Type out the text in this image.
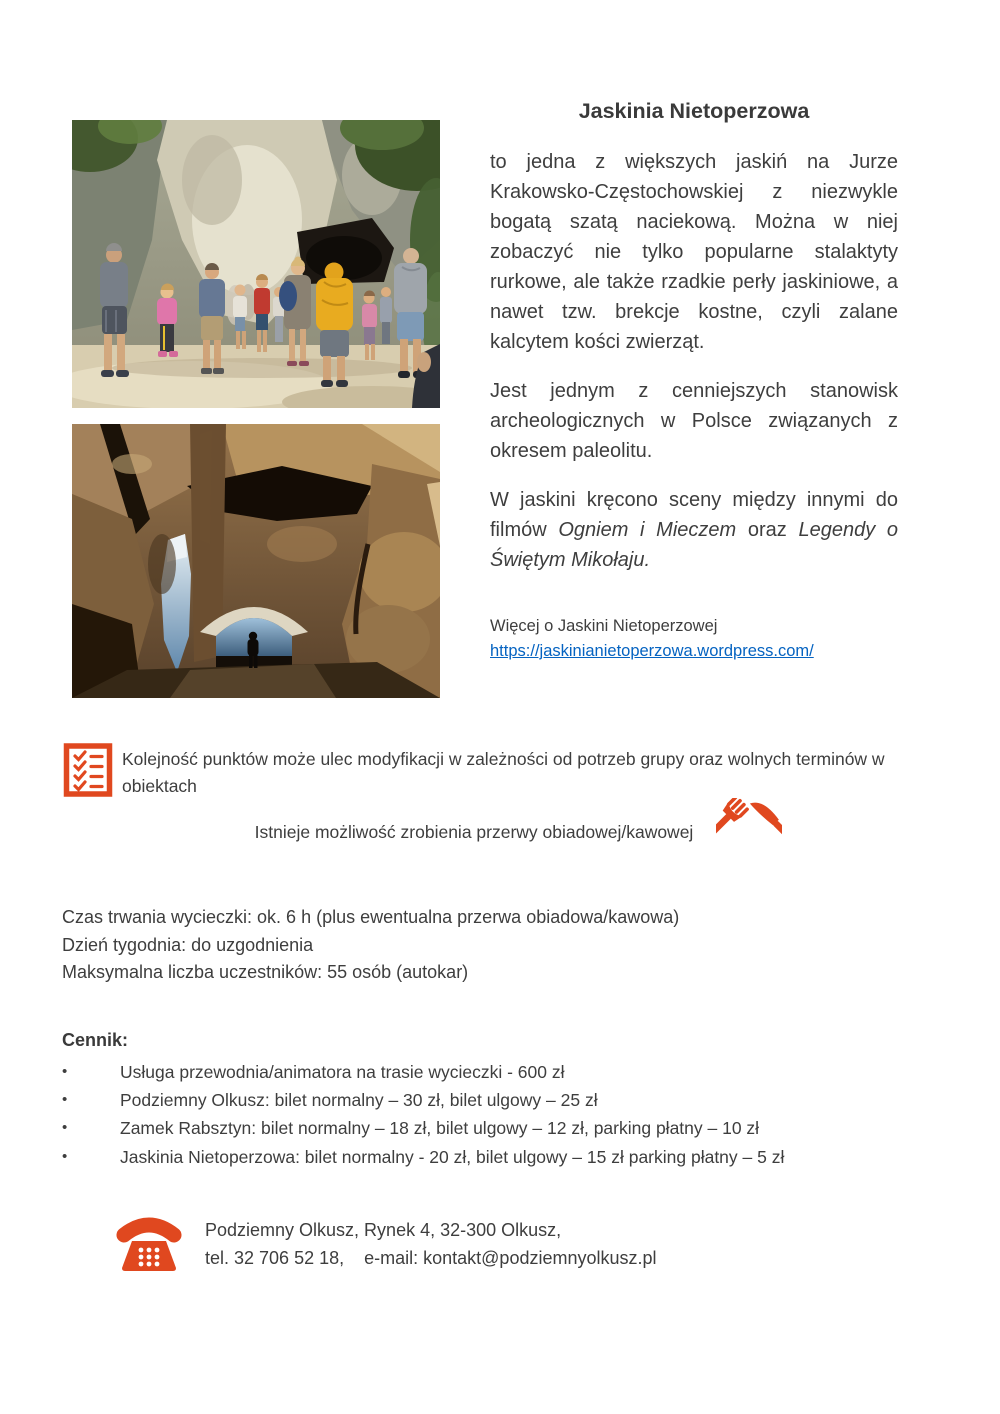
Jaskinia Nietoperzowa

to jedna z większych jaskiń na Jurze Krakowsko-Częstochowskiej z niezwykle bogatą szatą naciekową. Można w niej zobaczyć nie tylko popularne stalaktyty rurkowe, ale także rzadkie perły jaskiniowe, a nawet tzw. brekcje kostne, czyli zalane kalcytem kości zwierząt.

Jest jednym z cenniejszych stanowisk archeologicznych w Polsce związanych z okresem paleolitu.

W jaskini kręcono sceny między innymi do filmów Ogniem i Mieczem oraz Legendy o Świętym Mikołaju.

Więcej o Jaskini Nietoperzowej
https://jaskinianietoperzowa.wordpress.com/
Kolejność punktów może ulec modyfikacji w zależności od potrzeb grupy oraz wolnych terminów w obiektach
Istnieje możliwość zrobienia przerwy obiadowej/kawowej
Czas trwania wycieczki: ok. 6 h (plus ewentualna przerwa obiadowa/kawowa)
Dzień tygodnia: do uzgodnienia
Maksymalna liczba uczestników: 55 osób (autokar)
Cennik:
•	Usługa przewodnia/animatora na trasie wycieczki - 600 zł
•	Podziemny Olkusz: bilet normalny – 30 zł, bilet ulgowy – 25 zł
•	Zamek Rabsztyn: bilet normalny – 18 zł, bilet ulgowy – 12 zł, parking płatny – 10 zł
•	Jaskinia Nietoperzowa: bilet normalny - 20 zł, bilet ulgowy – 15 zł parking płatny – 5 zł
Podziemny Olkusz, Rynek 4, 32-300 Olkusz,
tel. 32 706 52 18,    e-mail: kontakt@podziemnyolkusz.pl
